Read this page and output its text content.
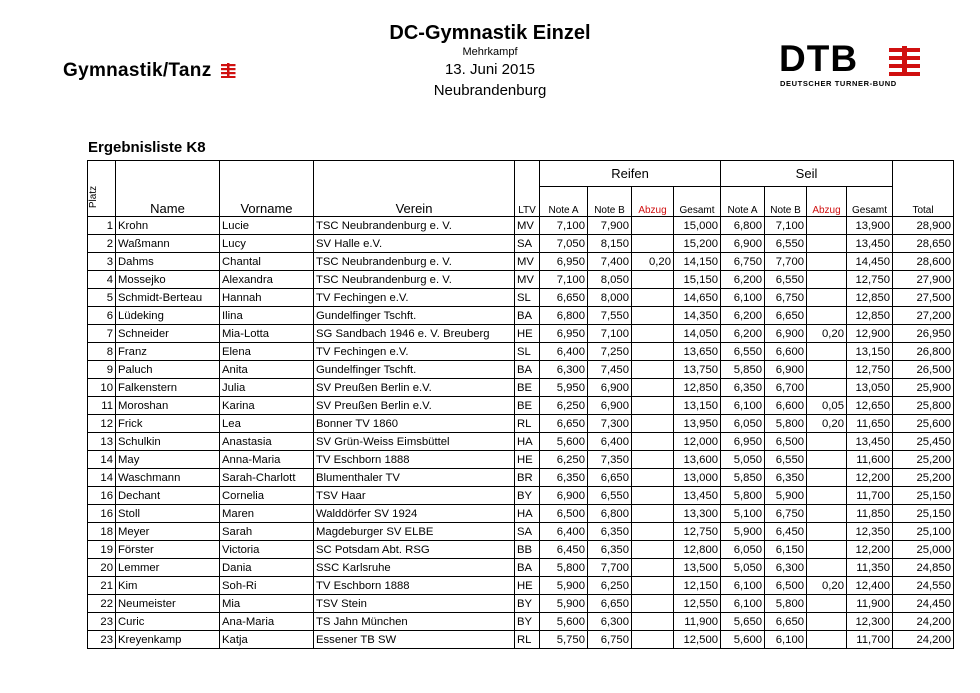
Gymnastik/Tanz
DC-Gymnastik Einzel
Mehrkampf
13. Juni 2015
Neubrandenburg
DTB
DEUTSCHER TURNER-BUND
Ergebnisliste K8
Platz					Reifen				Seil				
	Name	Vorname	Verein	LTV	Note A	Note B	Abzug	Gesamt	Note A	Note B	Abzug	Gesamt	Total
1	Krohn	Lucie	TSC Neubrandenburg e. V.	MV	7,100	7,900		15,000	6,800	7,100		13,900	28,900
2	Waßmann	Lucy	SV Halle e.V.	SA	7,050	8,150		15,200	6,900	6,550		13,450	28,650
3	Dahms	Chantal	TSC Neubrandenburg e. V.	MV	6,950	7,400	0,20	14,150	6,750	7,700		14,450	28,600
4	Mossejko	Alexandra	TSC Neubrandenburg e. V.	MV	7,100	8,050		15,150	6,200	6,550		12,750	27,900
5	Schmidt-Berteau	Hannah	TV Fechingen e.V.	SL	6,650	8,000		14,650	6,100	6,750		12,850	27,500
6	Lüdeking	Ilina	Gundelfinger Tschft.	BA	6,800	7,550		14,350	6,200	6,650		12,850	27,200
7	Schneider	Mia-Lotta	SG Sandbach 1946 e. V. Breuberg	HE	6,950	7,100		14,050	6,200	6,900	0,20	12,900	26,950
8	Franz	Elena	TV Fechingen e.V.	SL	6,400	7,250		13,650	6,550	6,600		13,150	26,800
9	Paluch	Anita	Gundelfinger Tschft.	BA	6,300	7,450		13,750	5,850	6,900		12,750	26,500
10	Falkenstern	Julia	SV Preußen Berlin e.V.	BE	5,950	6,900		12,850	6,350	6,700		13,050	25,900
11	Moroshan	Karina	SV Preußen Berlin e.V.	BE	6,250	6,900		13,150	6,100	6,600	0,05	12,650	25,800
12	Frick	Lea	Bonner TV 1860	RL	6,650	7,300		13,950	6,050	5,800	0,20	11,650	25,600
13	Schulkin	Anastasia	SV Grün-Weiss Eimsbüttel	HA	5,600	6,400		12,000	6,950	6,500		13,450	25,450
14	May	Anna-Maria	TV Eschborn 1888	HE	6,250	7,350		13,600	5,050	6,550		11,600	25,200
14	Waschmann	Sarah-Charlott	Blumenthaler TV	BR	6,350	6,650		13,000	5,850	6,350		12,200	25,200
16	Dechant	Cornelia	TSV Haar	BY	6,900	6,550		13,450	5,800	5,900		11,700	25,150
16	Stoll	Maren	Walddörfer SV 1924	HA	6,500	6,800		13,300	5,100	6,750		11,850	25,150
18	Meyer	Sarah	Magdeburger SV ELBE	SA	6,400	6,350		12,750	5,900	6,450		12,350	25,100
19	Förster	Victoria	SC Potsdam Abt. RSG	BB	6,450	6,350		12,800	6,050	6,150		12,200	25,000
20	Lemmer	Dania	SSC Karlsruhe	BA	5,800	7,700		13,500	5,050	6,300		11,350	24,850
21	Kim	Soh-Ri	TV Eschborn 1888	HE	5,900	6,250		12,150	6,100	6,500	0,20	12,400	24,550
22	Neumeister	Mia	TSV Stein	BY	5,900	6,650		12,550	6,100	5,800		11,900	24,450
23	Curic	Ana-Maria	TS Jahn München	BY	5,600	6,300		11,900	5,650	6,650		12,300	24,200
23	Kreyenkamp	Katja	Essener TB SW	RL	5,750	6,750		12,500	5,600	6,100		11,700	24,200
